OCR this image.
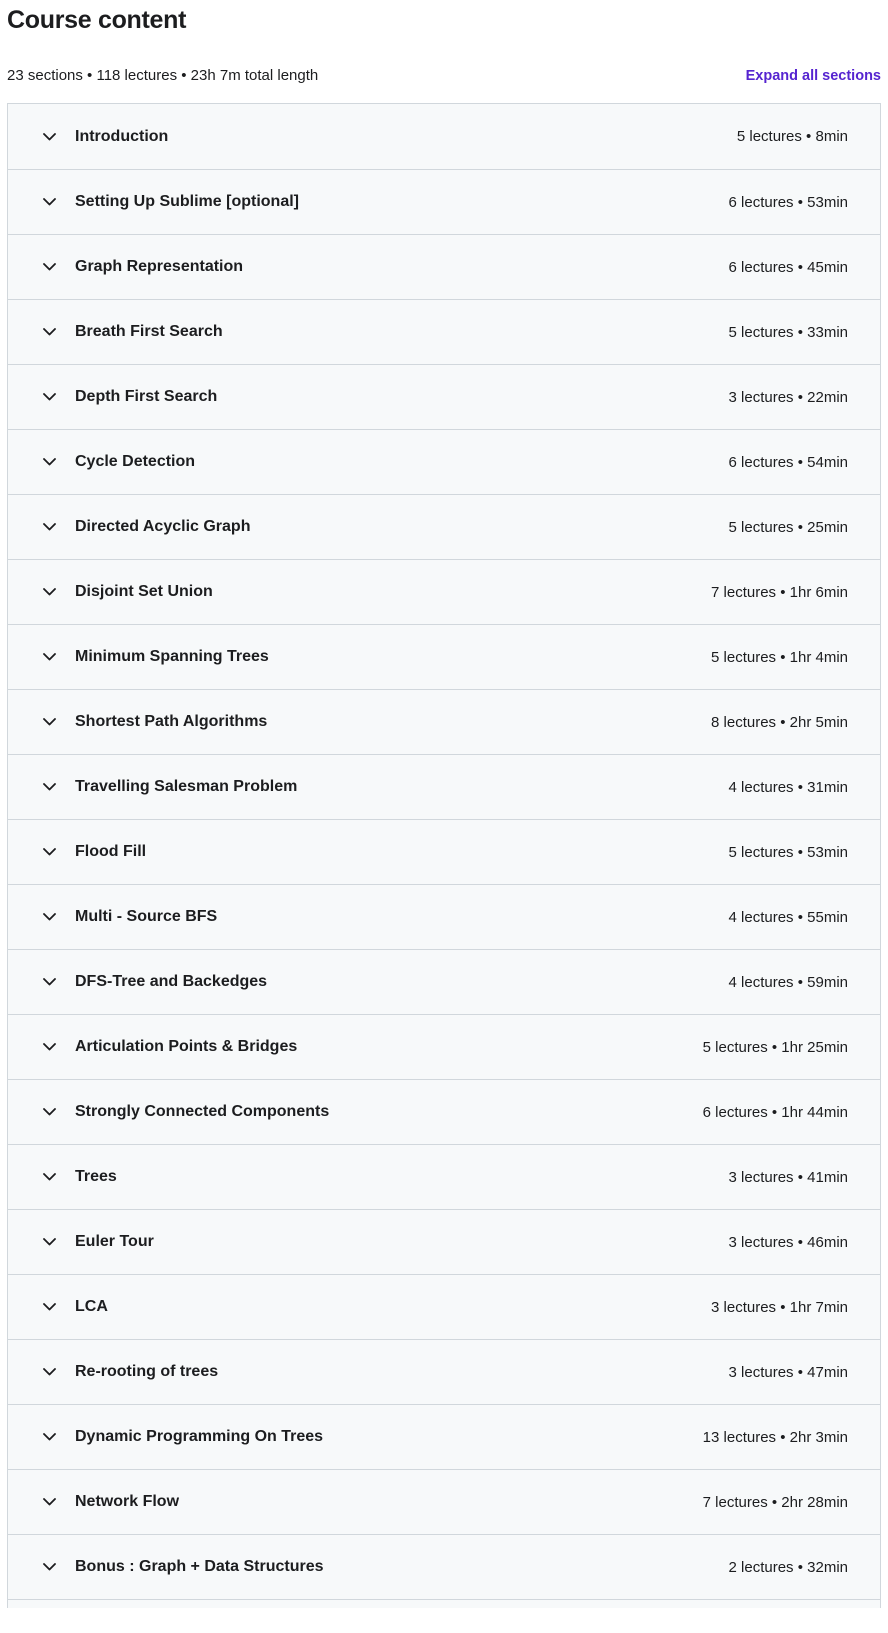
Course content
23 sections • 118 lectures • 23h 7m total length	Expand all sections
Introduction	5 lectures • 8min
Setting Up Sublime [optional]	6 lectures • 53min
Graph Representation	6 lectures • 45min
Breath First Search	5 lectures • 33min
Depth First Search	3 lectures • 22min
Cycle Detection	6 lectures • 54min
Directed Acyclic Graph	5 lectures • 25min
Disjoint Set Union	7 lectures • 1hr 6min
Minimum Spanning Trees	5 lectures • 1hr 4min
Shortest Path Algorithms	8 lectures • 2hr 5min
Travelling Salesman Problem	4 lectures • 31min
Flood Fill	5 lectures • 53min
Multi - Source BFS	4 lectures • 55min
DFS-Tree and Backedges	4 lectures • 59min
Articulation Points & Bridges	5 lectures • 1hr 25min
Strongly Connected Components	6 lectures • 1hr 44min
Trees	3 lectures • 41min
Euler Tour	3 lectures • 46min
LCA	3 lectures • 1hr 7min
Re-rooting of trees	3 lectures • 47min
Dynamic Programming On Trees	13 lectures • 2hr 3min
Network Flow	7 lectures • 2hr 28min
Bonus : Graph + Data Structures	2 lectures • 32min
